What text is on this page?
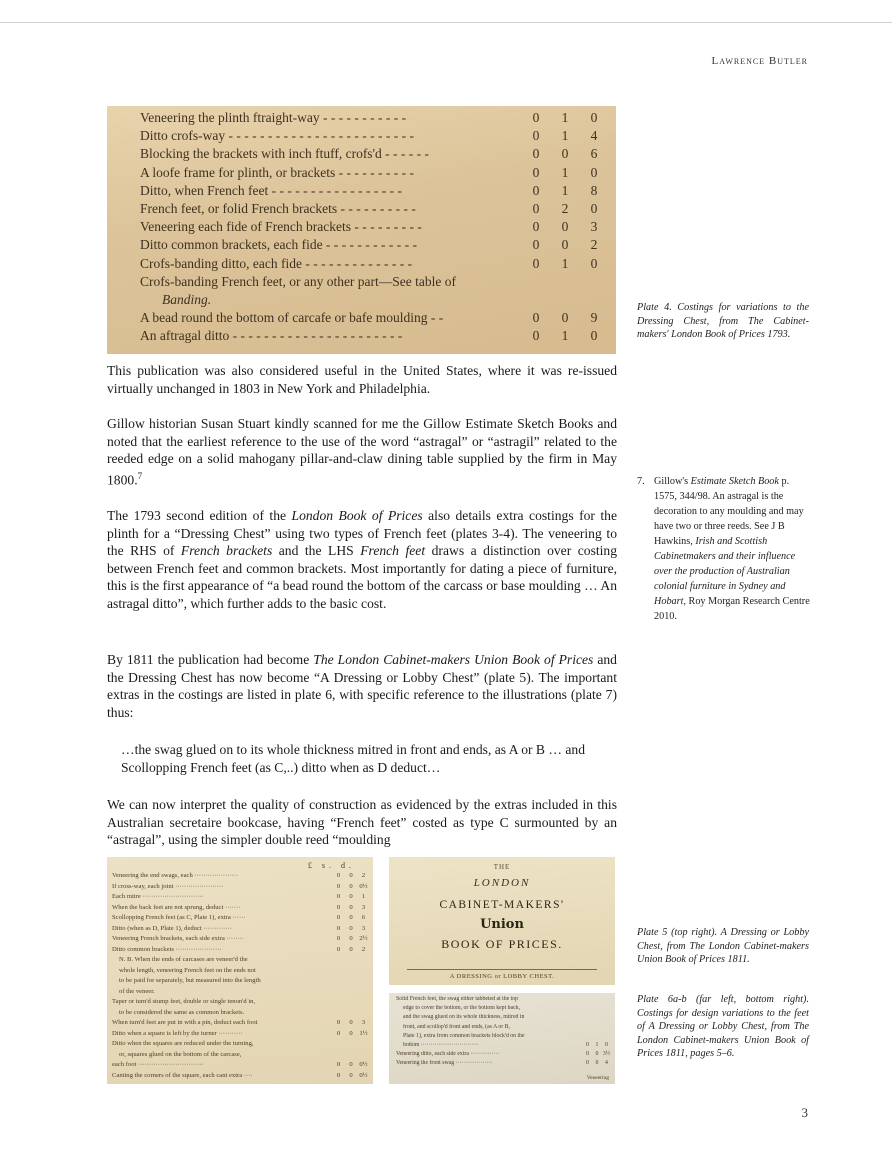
Lawrence Butler
Veneering the plinth ftraight-way - - - - - - - - - - -	0	1	0
Ditto crofs-way - - - - - - - - - - - - - - - - - - - - - - - -	0	1	4
Blocking the brackets with inch ftuff, crofs'd - - - - - -	0	0	6
A loofe frame for plinth, or brackets - - - - - - - - - -	0	1	0
Ditto, when French feet - - - - - - - - - - - - - - - - -	0	1	8
French feet, or folid French brackets - - - - - - - - - -	0	2	0
Veneering each fide of French brackets - - - - - - - - -	0	0	3
Ditto common brackets, each fide - - - - - - - - - - - -	0	0	2
Crofs-banding ditto, each fide - - - - - - - - - - - - - -	0	1	0
Crofs-banding French feet, or any other part—See table of
Banding.
A bead round the bottom of carcafe or bafe moulding - -	0	0	9
An aftragal ditto - - - - - - - - - - - - - - - - - - - - - -	0	1	0
Plate 4. Costings for variations to the Dressing Chest, from The Cabinet-makers' London Book of Prices 1793.
This publication was also considered useful in the United States, where it was re-issued virtually unchanged in 1803 in New York and Philadelphia.
Gillow historian Susan Stuart kindly scanned for me the Gillow Estimate Sketch Books and noted that the earliest reference to the use of the word “astragal” or “astragil” related to the reeded edge on a solid mahogany pillar-and-claw dining table supplied by the firm in May 1800.$^7$
7. Gillow's Estimate Sketch Book p. 1575, 344/98. An astragal is the decoration to any moulding and may have two or three reeds. See J B Hawkins, Irish and Scottish Cabinetmakers and their influence over the production of Australian colonial furniture in Sydney and Hobart, Roy Morgan Research Centre 2010.
The 1793 second edition of the London Book of Prices also details extra costings for the plinth for a “Dressing Chest” using two types of French feet (plates 3-4). The veneering to the RHS of French brackets and the LHS French feet draws a distinction over costing between French feet and common brackets. Most importantly for dating a piece of furniture, this is the first appearance of “a bead round the bottom of the carcass or base moulding … An astragal ditto”, which further adds to the basic cost.
By 1811 the publication had become The London Cabinet-makers Union Book of Prices and the Dressing Chest has now become “A Dressing or Lobby Chest” (plate 5). The important extras in the costings are listed in plate 6, with specific reference to the illustrations (plate 7) thus:
…the swag glued on to its whole thickness mitred in front and ends, as A or B … and Scollopping French feet (as C,..) ditto when as D deduct…
We can now interpret the quality of construction as evidenced by the extras included in this Australian secretaire bookcase, having “French feet” costed as type C surmounted by an “astragal”, using the simpler double reed “moulding
£ s. d.
Veneering the end swags, each ····················	0	0	2
If cross-way, each joint ······················	0	0	0½
Each mitre ····························	0	0	1
When the back feet are not sprung, deduct ·······	0	0	3
Scollopping French feet (as C, Plate 1), extra ······	0	0	6
Ditto (when as D, Plate 1), deduct ·············	0	0	3
Veneering French brackets, each side extra ········	0	0	2½
Ditto common brackets ·····················	0	0	2
N. B. When the ends of carcases are veneer'd the
whole length, veneering French feet on the ends not
to be paid for separately, but measured into the length
of the veneer.
Taper or turn'd stump feet, double or single tenon'd in,
to be considered the same as common brackets.
When turn'd feet are put in with a pin, deduct each foot	0	0	3
Ditto when a square is left by the turner ···········	0	0	1½
Ditto when the squares are reduced under the turning,
or, squares glued on the bottom of the carcase,
each foot ······························	0	0	0½
Canting the corners of the square, each cant extra ····	0	0	0½
THE
LONDON
CABINET-MAKERS'
Union
BOOK OF PRICES.
A DRESSING or LOBBY CHEST.
Veneering
Solid French feet, the swag either tabbeted at the top
edge to cover the bottom, or the bottom kept back,
and the swag glued on its whole thickness, mitred in
front, and scollop'd front and ends, (as A or B,
Plate 1), extra from common brackets block'd on the
bottom ······························	0	1	0
Veneering ditto, each side extra ···············	0	0 3½
Veneering the front swag ···················	0	0	4
Plate 5 (top right). A Dressing or Lobby Chest, from The London Cabinet-makers Union Book of Prices 1811.
Plate 6a-b (far left, bottom right). Costings for design variations to the feet of A Dressing or Lobby Chest, from The London Cabinet-makers Union Book of Prices 1811, pages 5–6.
3
